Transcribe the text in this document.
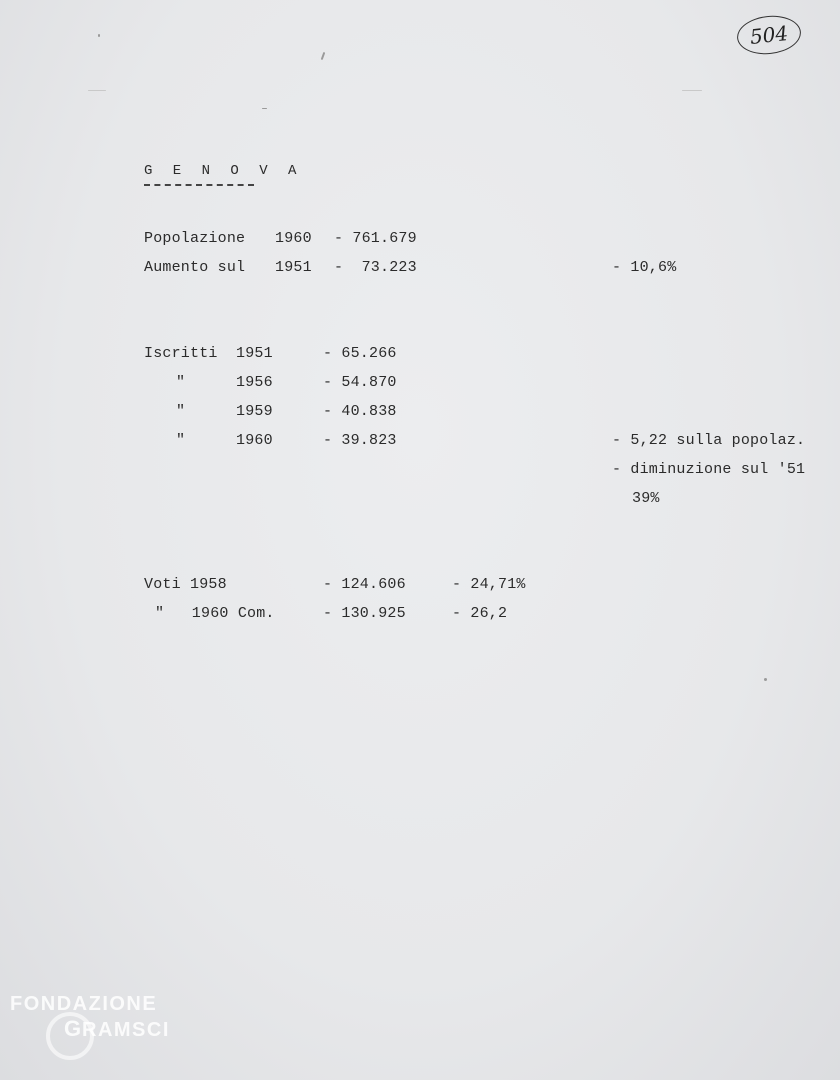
504
G E N O V A
Popolazione 1960 - 761.679
Aumento sul 1951 -  73.223	- 10,6%
Iscritti 1951	- 65.266
"	1956	- 54.870
"	1959	- 40.838
"	1960	- 39.823	- 5,22 sulla popolaz.
- diminuzione sul '51
39%
Voti 1958	- 124.606	- 24,71%
"   1960 Com.	- 130.925	- 26,2
FONDAZIONE
G RAMSCI
